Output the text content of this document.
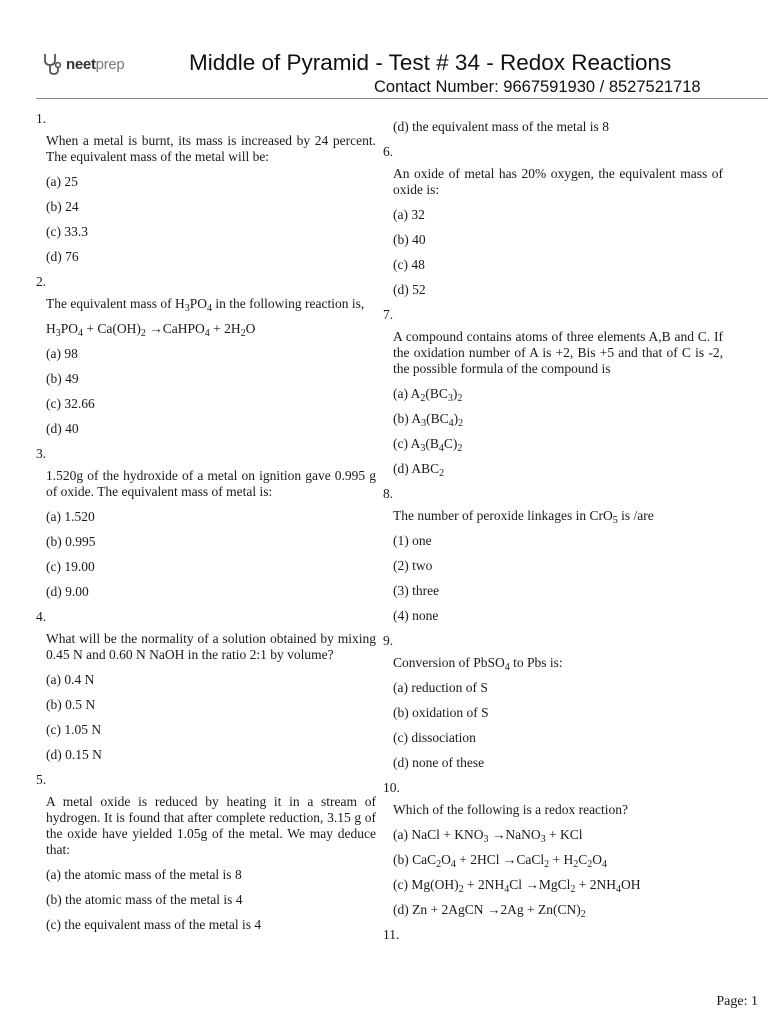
neetprep	Middle of Pyramid - Test # 34 - Redox Reactions
Contact Number: 9667591930 / 8527521718

1.

When a metal is burnt, its mass is increased by 24 percent. The equivalent mass of the metal will be:

(a) 25

(b) 24

(c) 33.3

(d) 76

2.

The equivalent mass of $H_3PO_4$ in the following reaction is,

$H_3PO_4 + Ca(OH)_2$ →CaHPO$_4$ + $2H_2O$

(a) 98

(b) 49

(c) 32.66

(d) 40

3.

1.520g of the hydroxide of a metal on ignition gave 0.995 g of oxide. The equivalent mass of metal is:

(a) 1.520

(b) 0.995

(c) 19.00

(d) 9.00

4.

What will be the normality of a solution obtained by mixing 0.45 N and 0.60 N NaOH in the ratio 2:1 by volume?

(a) 0.4 N

(b) 0.5 N

(c) 1.05 N

(d) 0.15 N

5.

A metal oxide is reduced by heating it in a stream of hydrogen. It is found that after complete reduction, 3.15 g of the oxide have yielded 1.05g of the metal. We may deduce that:

(a) the atomic mass of the metal is 8

(b) the atomic mass of the metal is 4

(c) the equivalent mass of the metal is 4

(d) the equivalent mass of the metal is 8

6.

An oxide of metal has 20% oxygen, the equivalent mass of oxide is:

(a) 32

(b) 40

(c) 48

(d) 52

7.

A compound contains atoms of three elements A,B and C. If the oxidation number of A is +2, Bis +5 and that of C is -2, the possible formula of the compound is

(a) $A_2(BC_3)_2$

(b) $A_3(BC_4)_2$

(c) $A_3(B_4C)_2$

(d) $ABC_2$

8.

The number of peroxide linkages in CrO$_5$ is /are

(1) one

(2) two

(3) three

(4) none

9.

Conversion of PbSO$_4$ to Pbs is:

(a) reduction of S

(b) oxidation of S

(c) dissociation

(d) none of these

10.

Which of the following is a redox reaction?

(a) NaCl + $KNO_3$ →NaNO$_3$ + KCl

(b) $CaC_2O_4 + 2HCl$ →CaCl$_2$ + $H_2C_2O_4$

(c) $Mg(OH)_2 + 2NH_4Cl$ →MgCl$_2$ + $2NH_4OH$

(d) Zn + 2AgCN $\to 2Ag + Zn(CN)_2$

11.

Page: 1
